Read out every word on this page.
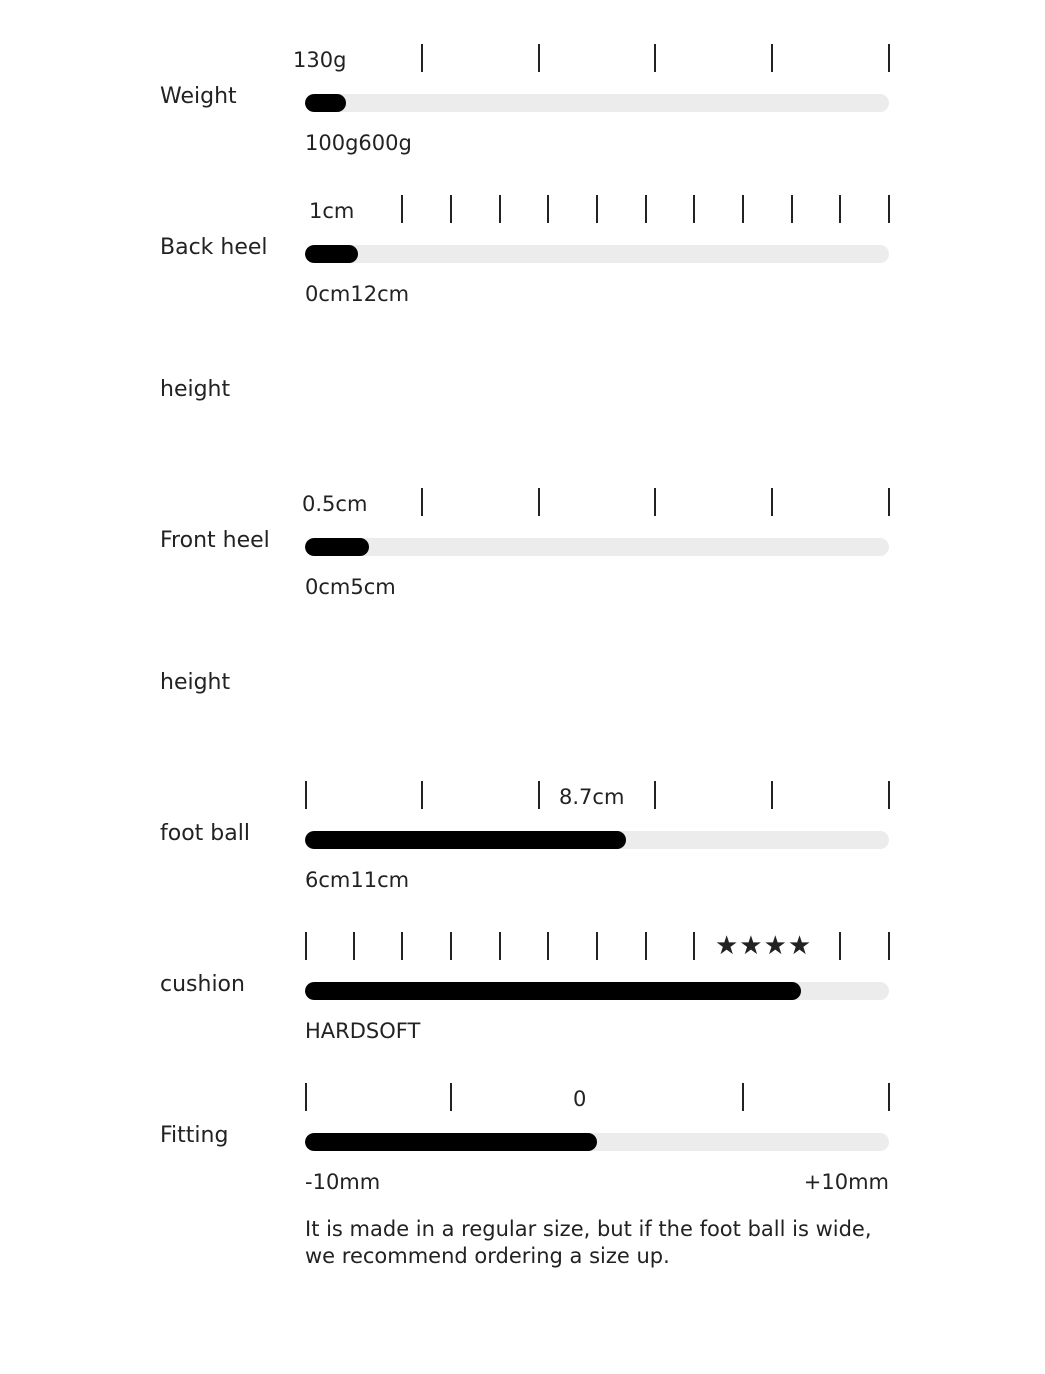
Weight
130g
100g600g
Back heel
1cm
0cm12cm
height
Front heel
0.5cm
0cm5cm
height
foot ball
8.7cm
6cm11cm
cushion
★★★★
HARDSOFT
Fitting
0
-10mm	+10mm
It is made in a regular size, but if the foot ball is wide, we recommend ordering a size up.
